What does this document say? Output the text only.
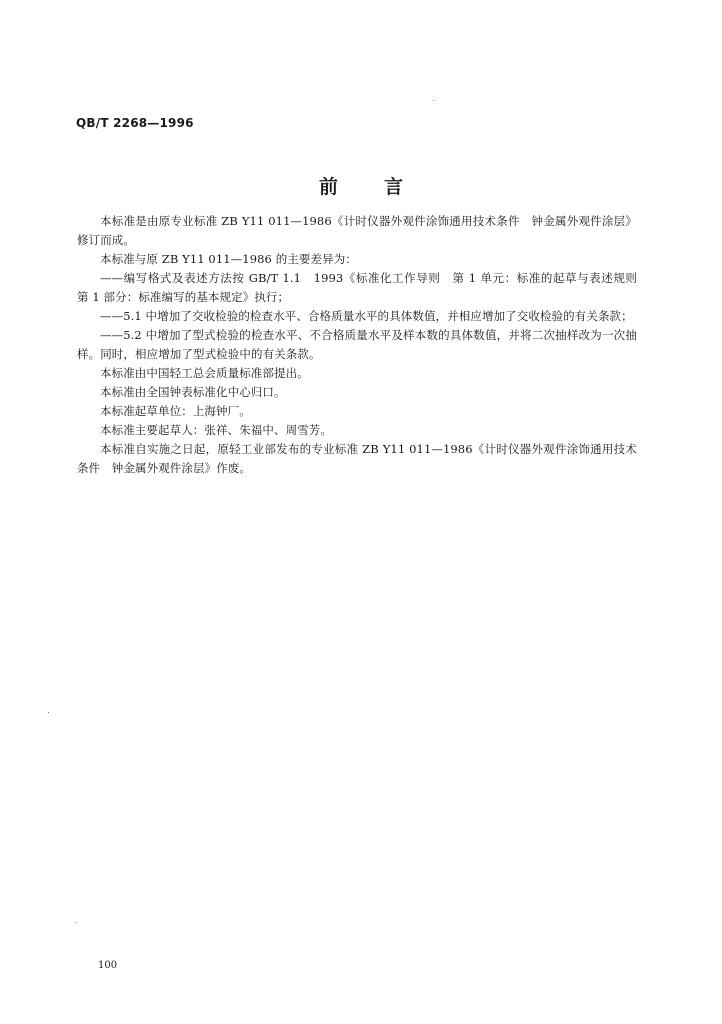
QB/T 2268—1996

前言

本标准是由原专业标准 ZB Y11 011—1986《计时仪器外观件涂饰通用技术条件　钟金属外观件涂层》修订而成。

本标准与原 ZB Y11 011—1986 的主要差异为：

——编写格式及表述方法按 GB/T 1.1　1993《标准化工作导则　第 1 单元：标准的起草与表述规则　第 1 部分：标准编写的基本规定》执行；

——5.1 中增加了交收检验的检查水平、合格质量水平的具体数值，并相应增加了交收检验的有关条款；

——5.2 中增加了型式检验的检查水平、不合格质量水平及样本数的具体数值，并将二次抽样改为一次抽样。同时，相应增加了型式检验中的有关条款。

本标准由中国轻工总会质量标准部提出。

本标准由全国钟表标准化中心归口。

本标准起草单位：上海钟厂。

本标准主要起草人：张祥、朱福中、周雪芳。

本标准自实施之日起，原轻工业部发布的专业标准 ZB Y11 011—1986《计时仪器外观件涂饰通用技术条件　钟金属外观件涂层》作废。

100
